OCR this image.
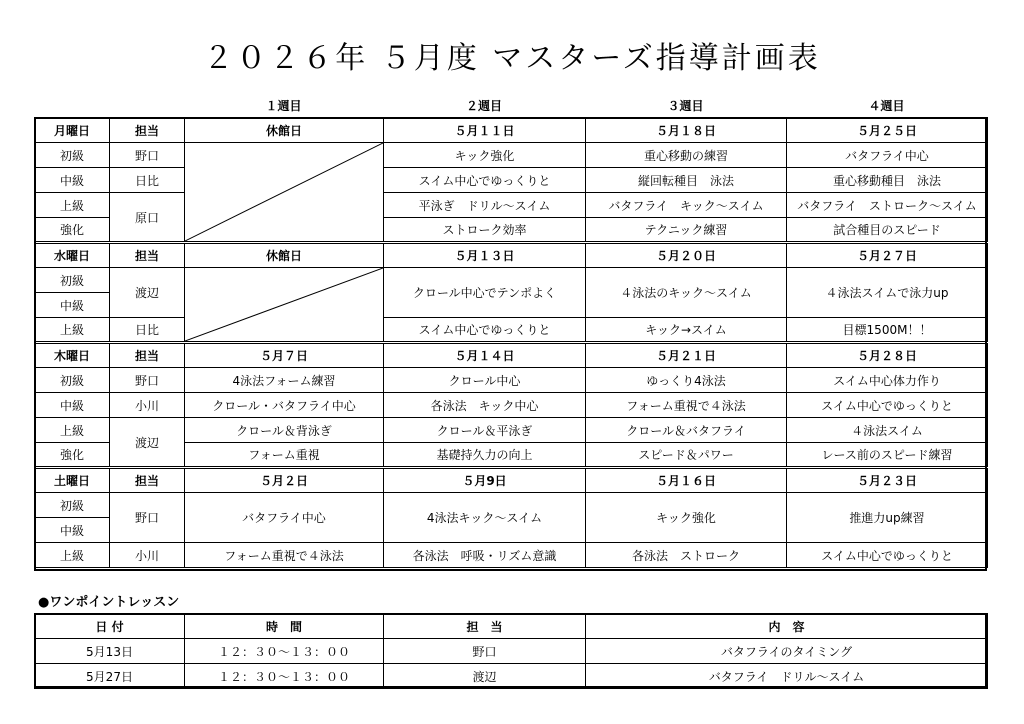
２０２６年 ５月度 マスターズ指導計画表
		１週目	２週目	３週目	４週目
月曜日	担当	休館日	５月１１日	５月１８日	５月２５日
初級	野口		キック強化	重心移動の練習	バタフライ中心
中級	日比		スイム中心でゆっくりと	縦回転種目　泳法	重心移動種目　泳法
上級	原口		平泳ぎ　ドリル～スイム	バタフライ　キック～スイム	バタフライ　ストローク～スイム
強化			ストローク効率	テクニック練習	試合種目のスピード
水曜日	担当	休館日	５月１３日	５月２０日	５月２７日
初級	渡辺		クロール中心でテンポよく	４泳法のキック～スイム	４泳法スイムで泳力up
中級					
上級	日比		スイム中心でゆっくりと	キック→スイム	目標1500M！！
木曜日	担当	５月７日	５月１４日	５月２１日	５月２８日
初級	野口	4泳法フォーム練習	クロール中心	ゆっくり4泳法	スイム中心体力作り
中級	小川	クロール・バタフライ中心	各泳法　キック中心	フォーム重視で４泳法	スイム中心でゆっくりと
上級	渡辺	クロール＆背泳ぎ	クロール＆平泳ぎ	クロール＆バタフライ	４泳法スイム
強化		フォーム重視	基礎持久力の向上	スピード＆パワー	レース前のスピード練習
土曜日	担当	５月２日	５月9日	５月１６日	５月２３日
初級	野口	バタフライ中心	4泳法キック～スイム	キック強化	推進力up練習
中級					
上級	小川	フォーム重視で４泳法	各泳法　呼吸・リズム意識	各泳法　ストローク	スイム中心でゆっくりと
●ワンポイントレッスン
日 付	時　間	担　当	内　容
5月13日	１２：３０～１３：００	野口	バタフライのタイミング
5月27日	１２：３０～１３：００	渡辺	バタフライ　ドリル～スイム
